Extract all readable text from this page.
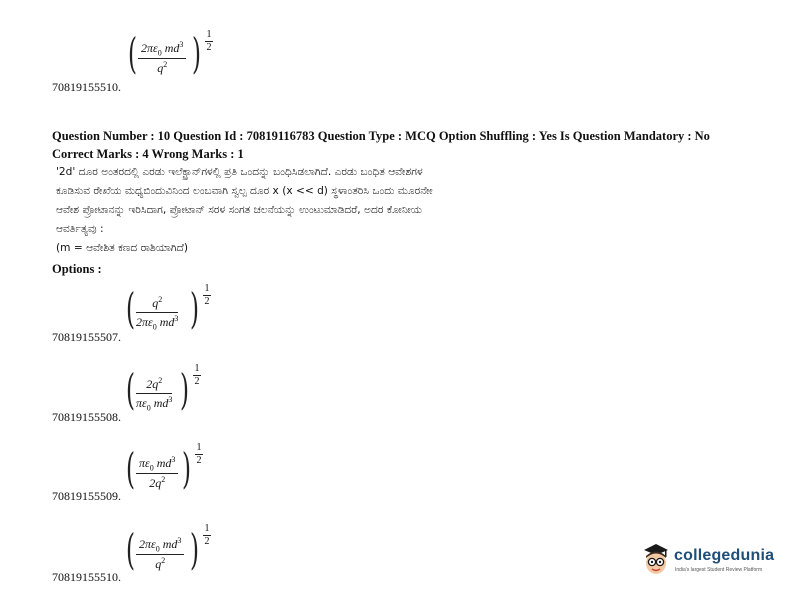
( $\frac{2\pi\varepsilon_0 md^3}{q^2}$ ) 1
2
70819155510.
Question Number : 10 Question Id : 70819116783 Question Type : MCQ Option Shuffling : Yes Is Question Mandatory : No
Correct Marks : 4 Wrong Marks : 1
'2d' ದೂರ ಅಂತರದಲ್ಲಿ ಎರಡು ಇಲೆಕ್ಟ್ರಾನ್‌ಗಳಲ್ಲಿ ಪ್ರತಿ ಒಂದನ್ನು ಬಂಧಿಸಿಡಲಾಗಿದೆ. ಎರಡು ಬಂಧಿತ ಆವೇಶಗಳ
ಕೂಡಿಸುವ ರೇಖೆಯ ಮಧ್ಯಬಿಂದುವಿನಿಂದ ಲಂಬವಾಗಿ ಸ್ವಲ್ಪ ದೂರ x (x << d) ಸ್ಥಳಾಂತರಿಸಿ ಒಂದು ಮೂರನೇೕ
ಆವೇಶ ಪ್ರೋಟಾನನ್ನು ಇರಿಸಿದಾಗ, ಪ್ರೋಟಾನ್ ಸರಳ ಸಂಗತ ಚಲನೆಯನ್ನು ಉಂಟುಮಾಡಿದರೆ, ಅದರ ಕೋನೀಯ
ಆವರ್ತಿತ್ಯವು :
(m = ಆವೇಶಿತ ಕಣದ ರಾಶಿಯಾಗಿದೆ)
Options :
( $\frac{q^2}{2\pi\varepsilon_0 md^3}$ ) 1
2
70819155507.
( $\frac{2q^2}{\pi\varepsilon_0 md^3}$ ) 1
2
70819155508.
( $\frac{\pi\varepsilon_0 md^3}{2q^2}$ ) 1
2
70819155509.
( $\frac{2\pi\varepsilon_0 md^3}{q^2}$ ) 1
2
70819155510.
collegedunia
India's largest Student Review Platform
